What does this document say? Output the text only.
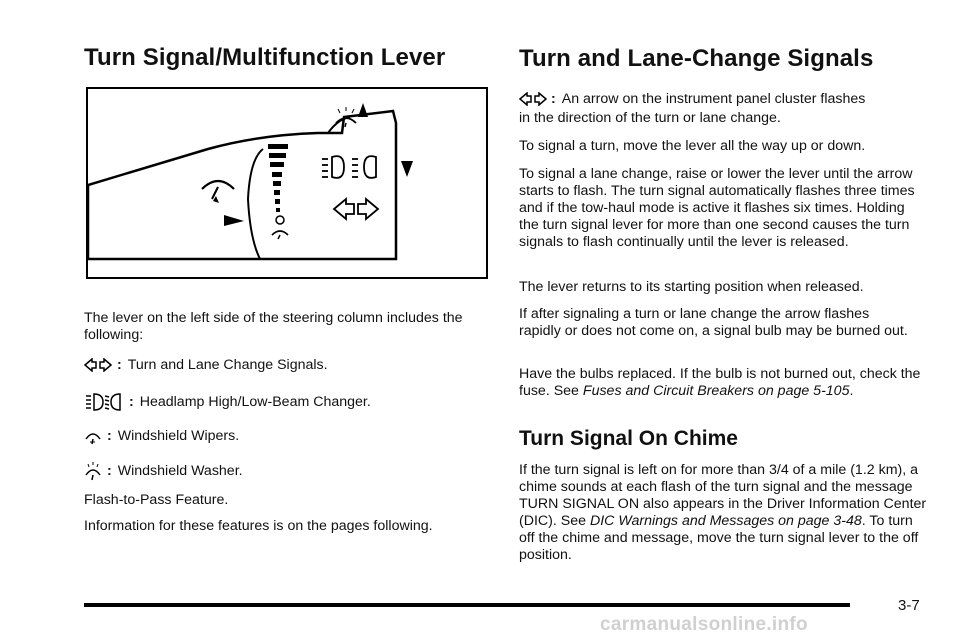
Turn Signal/Multifunction Lever

The lever on the left side of the steering column includes the following:

: Turn and Lane Change Signals.
: Headlamp High/Low-Beam Changer.
: Windshield Wipers.
: Windshield Washer.

Flash-to-Pass Feature.

Information for these features is on the pages following.

Turn and Lane-Change Signals
: An arrow on the instrument panel cluster flashes

in the direction of the turn or lane change.

To signal a turn, move the lever all the way up or down.

To signal a lane change, raise or lower the lever until the arrow starts to flash. The turn signal automatically flashes three times and if the tow-haul mode is active it flashes six times. Holding the turn signal lever for more than one second causes the turn signals to flash continually until the lever is released.

The lever returns to its starting position when released.

If after signaling a turn or lane change the arrow flashes rapidly or does not come on, a signal bulb may be burned out.

Have the bulbs replaced. If the bulb is not burned out, check the fuse. See Fuses and Circuit Breakers on page 5-105.

Turn Signal On Chime

If the turn signal is left on for more than 3/4 of a mile (1.2 km), a chime sounds at each flash of the turn signal and the message TURN SIGNAL ON also appears in the Driver Information Center (DIC). See DIC Warnings and Messages on page 3-48. To turn off the chime and message, move the turn signal lever to the off position.

3-7
carmanualsonline.info
